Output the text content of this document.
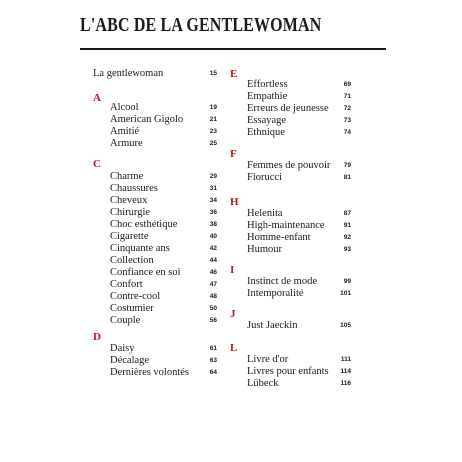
L'ABC DE LA GENTLEWOMAN
La gentlewoman	15
A
Alcool	19
American Gigolo	21
Amitié	23
Armure	25
C
Charme	29
Chaussures	31
Cheveux	34
Chirurgie	36
Choc esthétique	38
Cigarette	40
Cinquante ans	42
Collection	44
Confiance en soi	46
Confort	47
Contre-cool	48
Costumier	50
Couple	56
D
Daisy	61
Décalage	63
Dernières volontés	64
E
Effortless	69
Empathie	71
Erreurs de jeunesse 72
Essayage	73
Ethnique	74
F
Femmes de pouvoir 79
Fiorucci	81
H
Helenita	87
High-maintenance	91
Homme-enfant	92
Humour	93
I
Instinct de mode	99
Intemporalité	101
J
Just Jaeckin	105
L
Livre d'or	111
Livres pour enfants 114
Lübeck	116
